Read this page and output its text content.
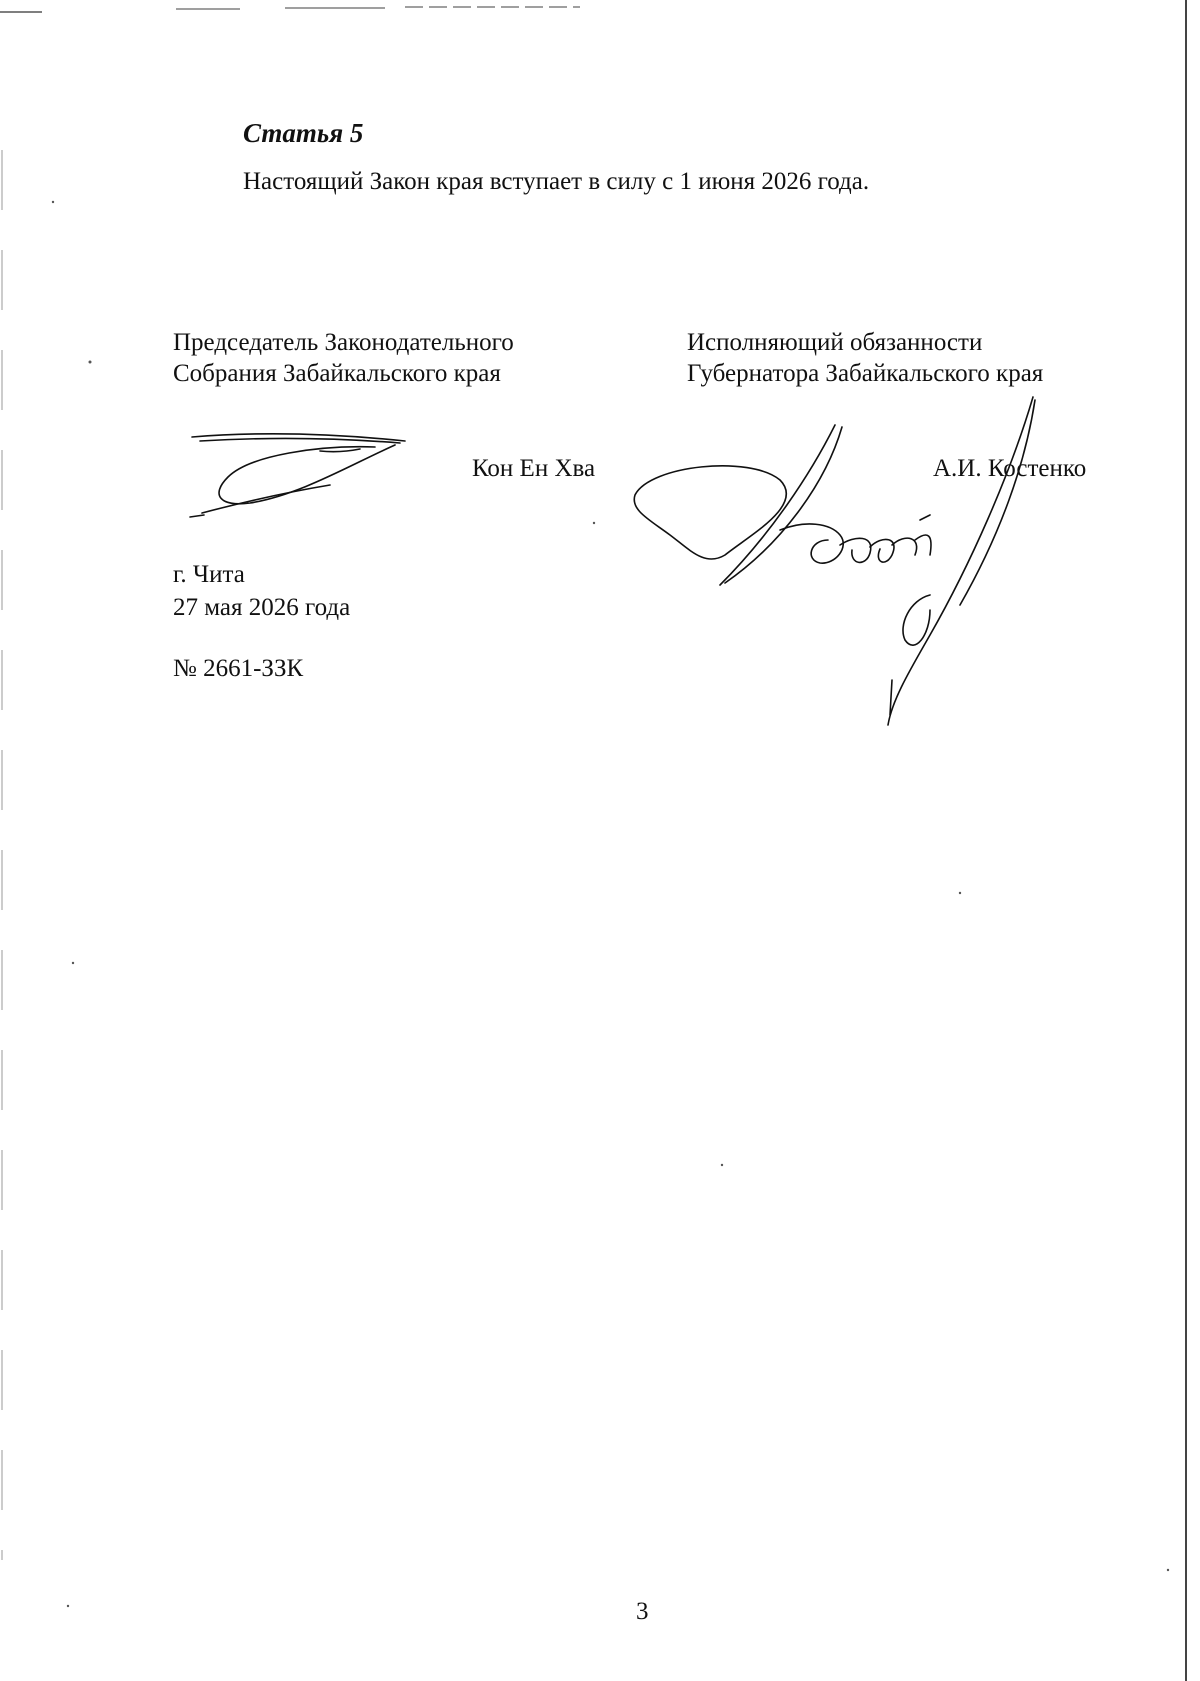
Статья 5
Настоящий Закон края вступает в силу с 1 июня 2026 года.
Председатель Законодательного
Собрания Забайкальского края
Исполняющий обязанности
Губернатора Забайкальского края
Кон Ен Хва	А.И. Костенко
г. Чита
27 мая 2026 года
№ 2661-ЗЗК
3
